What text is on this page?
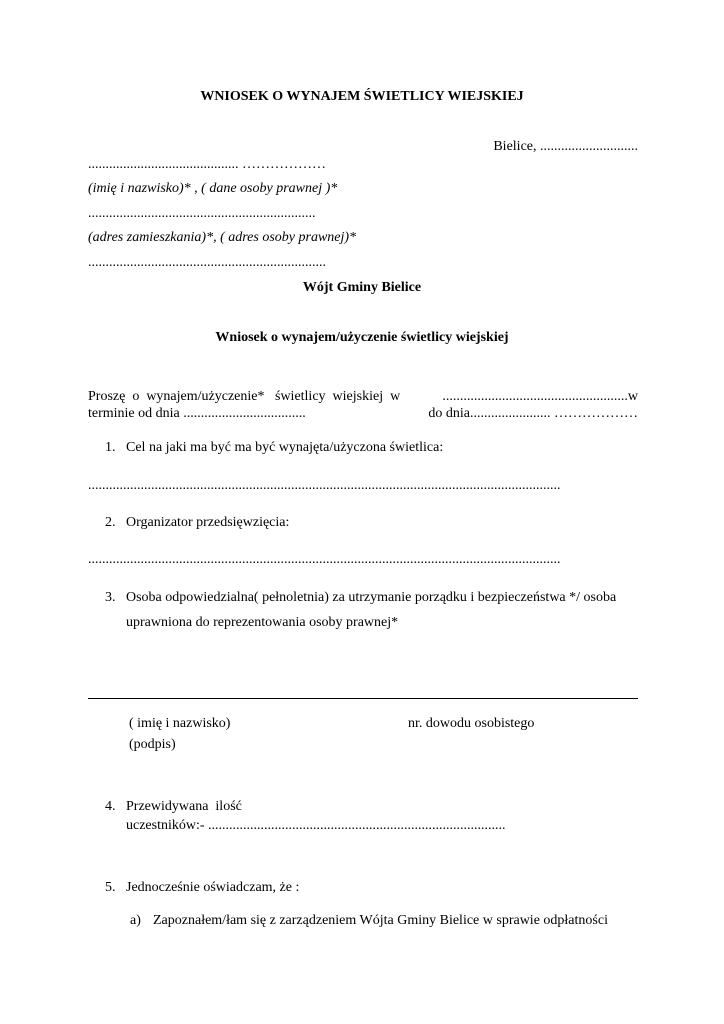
WNIOSEK O WYNAJEM ŚWIETLICY WIEJSKIEJ
Bielice, ............................
........................................... ………………
(imię i nazwisko)* , ( dane osoby prawnej )*
.................................................................
(adres zamieszkania)*, ( adres osoby prawnej)*
....................................................................
Wójt Gminy Bielice
Wniosek o wynajem/użyczenie świetlicy wiejskiej
Proszę  o  wynajem/użyczenie*   świetlicy  wiejskiej  w	.....................................................w
terminie od dnia ...................................	do dnia....................... ………………
1. Cel na jaki ma być ma być wynajęta/użyczona świetlica:
.......................................................................................................................................
2. Organizator przedsięwzięcia:
.......................................................................................................................................
3. Osoba odpowiedzialna( pełnoletnia) za utrzymanie porządku i bezpieczeństwa */ osoba
uprawniona do reprezentowania osoby prawnej*
( imię i nazwisko)	nr. dowodu osobistego
(podpis)
4. Przewidywana  ilość
uczestników:- .....................................................................................
5. Jednocześnie oświadczam, że :
a) Zapoznałem/łam się z zarządzeniem Wójta Gminy Bielice w sprawie odpłatności
